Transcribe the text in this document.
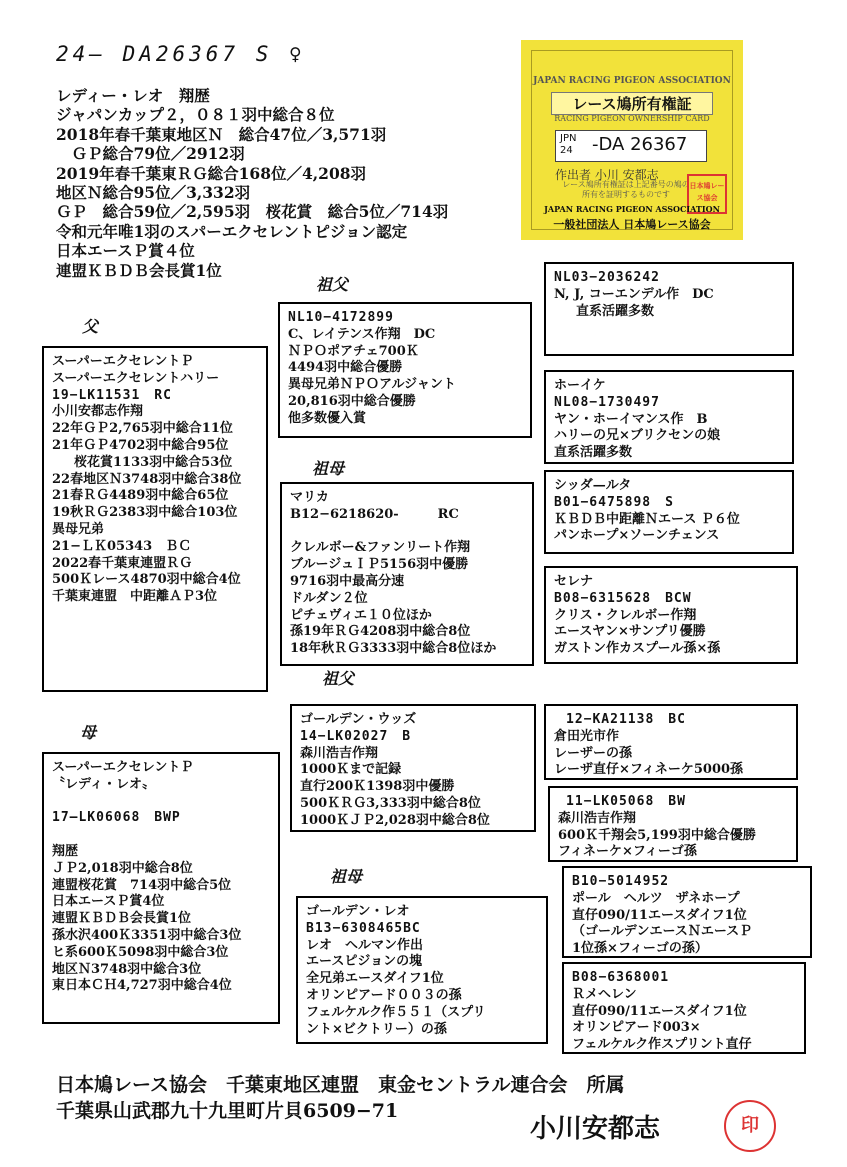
24— DA26367 S ♀
JAPAN RACING PIGEON ASSOCIATION
レース鳩所有権証
RACING PIGEON OWNERSHIP CARD
JPN
24 -DA 26367
作出者 小川 安都志
レース鳩所有権証は上記番号の鳩の所有を証明するものです
日本鳩レース協会
JAPAN RACING PIGEON ASSOCIATION
一般社団法人 日本鳩レース協会
レディー・レオ　翔歴
ジャパンカップ２，０８１羽中総合８位
2018年春千葉東地区Ｎ　総合47位／3,571羽
　ＧＰ総合79位／2912羽
2019年春千葉東ＲＧ総合168位／4,208羽
地区Ｎ総合95位／3,332羽
ＧＰ　総合59位／2,595羽　桜花賞　総合5位／714羽
令和元年唯1羽のスパーエクセレントピジョン認定
日本エースＰ賞４位
連盟ＫＢＤＢ会長賞1位
父
母
祖父
祖母
祖父
祖母
スーパーエクセレントＰ
スーパーエクセレントハリー
19−LK11531　RC
小川安都志作翔
22年ＧＰ2,765羽中総合11位
21年ＧＰ4702羽中総合95位
桜花賞1133羽中総合53位
22春地区Ｎ3748羽中総合38位
21春ＲＧ4489羽中総合65位
19秋ＲＧ2383羽中総合103位
異母兄弟
21−ＬＫ05343　ＢＣ
2022春千葉東連盟ＲＧ
500Ｋレース4870羽中総合4位
千葉東連盟　中距離ＡＰ3位
スーパーエクセレントＰ
〝レディ・レオ〟

17—LK06068　BWP

翔歴
ＪＰ2,018羽中総合8位
連盟桜花賞　714羽中総合5位
日本エースＰ賞4位
連盟ＫＢＤＢ会長賞1位
孫水沢400Ｋ3351羽中総合3位
ヒ系600Ｋ5098羽中総合3位
地区Ｎ3748羽中総合3位
東日本ＣＨ4,727羽中総合4位
NL10−4172899
C、レイテンス作翔　DC
ＮＰＯポアチェ700Ｋ
4494羽中総合優勝
異母兄弟ＮＰＯアルジャント
20,816羽中総合優勝
他多数優入賞
マリカ
B12−6218620-　　　RC

クレルボー&ファンリート作翔
ブルージュＩＰ5156羽中優勝
9716羽中最高分速
ドルダン２位
ピチェヴィエ１０位ほか
孫19年ＲＧ4208羽中総合8位
18年秋ＲＧ3333羽中総合8位ほか
ゴールデン・ウッズ
14−LK02027　B
森川浩吉作翔
1000Ｋまで記録
直行200Ｋ1398羽中優勝
500ＫＲＧ3,333羽中総合8位
1000ＫＪＰ2,028羽中総合8位
ゴールデン・レオ
B13−6308465BC
レオ　ヘルマン作出
エースピジョンの塊
全兄弟エースダイフ1位
オリンピアード００３の孫
フェルケルク作５５１（スプリ
ント×ビクトリー）の孫
NL03−2036242
N, J, コーエンデル作　DC
直系活躍多数
ホーイケ
NL08−1730497
ヤン・ホーイマンス作　B
ハリーの兄×ブリクセンの娘
直系活躍多数
シッダ—ルタ
B01−6475898　S
ＫＢＤＢ中距離Ｎエース Ｐ６位
パンホープ×ソーンチェンス
セレナ
B08−6315628　BCW
クリス・クレルボー作翔
エースヤン×サンプリ優勝
ガストン作カスプール孫×孫
12−KA21138　BC
倉田光市作
レーザーの孫
レーザ直仔×フィネーケ5000孫
11−LK05068　BW
森川浩吉作翔
600Ｋ千翔会5,199羽中総合優勝
フィネーケ×フィーゴ孫
B10−5014952
ポール　ヘルツ　ザネホープ
直仔090/11エースダイフ1位
（ゴールデンエースＮエースＰ
1位孫×フィーゴの孫）
B08−6368001
Ｒメヘレン
直仔090/11エースダイフ1位
オリンピアード003×
フェルケルク作スプリント直仔
日本鳩レース協会　千葉東地区連盟　東金セントラル連合会　所属
千葉県山武郡九十九里町片貝6509−71
小川安都志	印
